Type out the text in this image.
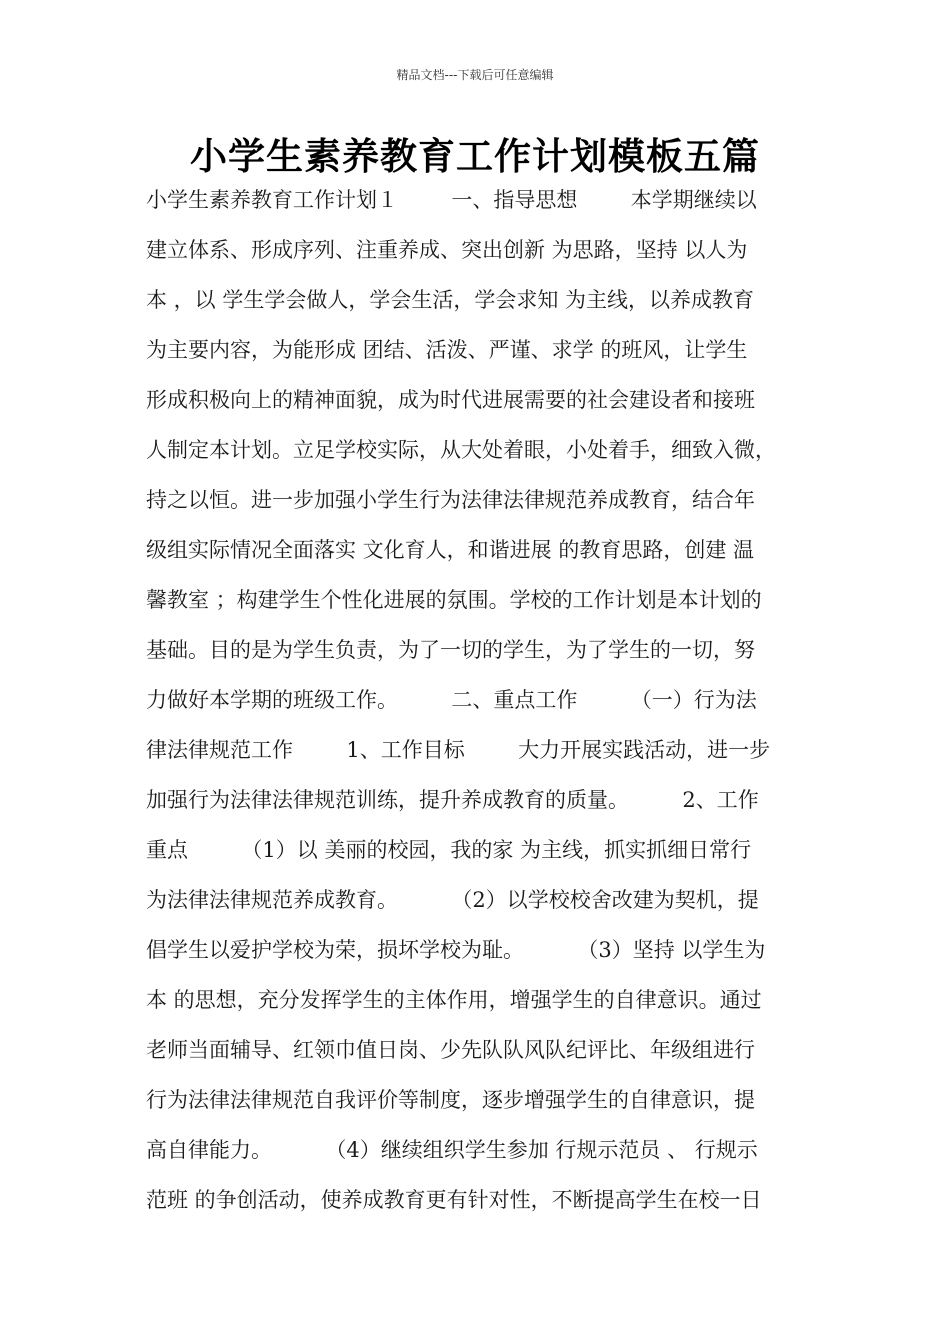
精品文档---下载后可任意编辑
小学生素养教育工作计划模板五篇
小学生素养教育工作计划１        一、指导思想        本学期继续以
建立体系、形成序列、注重养成、突出创新 为思路，坚持 以人为
本 ，以 学生学会做人，学会生活，学会求知 为主线，以养成教育
为主要内容，为能形成 团结、活泼、严谨、求学 的班风，让学生
形成积极向上的精神面貌，成为时代进展需要的社会建设者和接班
人制定本计划。立足学校实际，从大处着眼，小处着手，细致入微，
持之以恒。进一步加强小学生行为法律法律规范养成教育，结合年
级组实际情况全面落实 文化育人，和谐进展 的教育思路，创建 温
馨教室 ；构建学生个性化进展的氛围。学校的工作计划是本计划的
基础。目的是为学生负责，为了一切的学生，为了学生的一切，努
力做好本学期的班级工作。        二、重点工作        （一）行为法
律法律规范工作        1、工作目标        大力开展实践活动，进一步
加强行为法律法律规范训练，提升养成教育的质量。        2、工作
重点        （1）以 美丽的校园，我的家 为主线，抓实抓细日常行
为法律法律规范养成教育。        （2）以学校校舍改建为契机，提
倡学生以爱护学校为荣，损坏学校为耻。        （3）坚持 以学生为
本 的思想，充分发挥学生的主体作用，增强学生的自律意识。通过
老师当面辅导、红领巾值日岗、少先队队风队纪评比、年级组进行
行为法律法律规范自我评价等制度，逐步增强学生的自律意识，提
高自律能力。        （4）继续组织学生参加 行规示范员 、 行规示
范班 的争创活动，使养成教育更有针对性，不断提高学生在校一日
